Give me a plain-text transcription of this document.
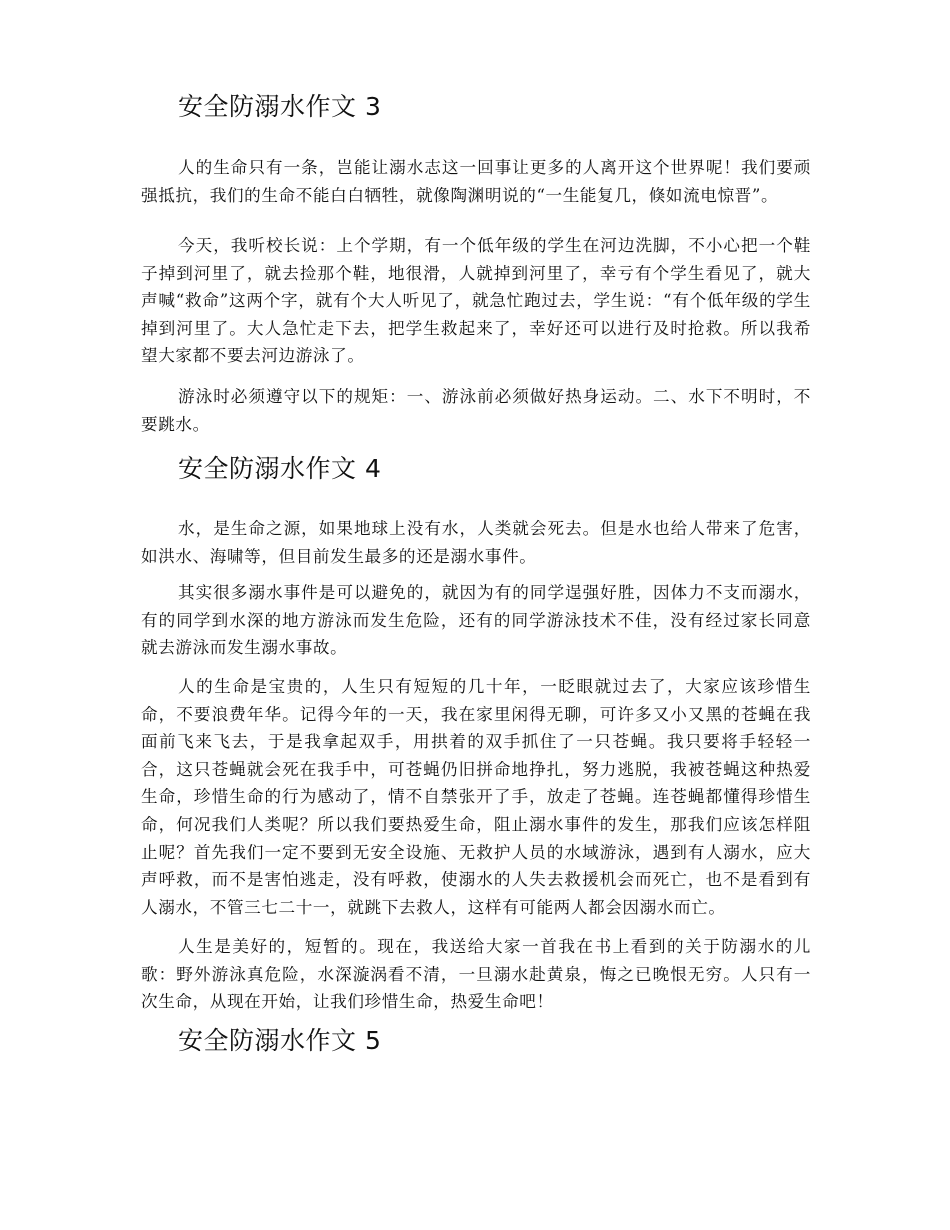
安全防溺水作文 3

人的生命只有一条，岂能让溺水志这一回事让更多的人离开这个世界呢！我们要顽强抵抗，我们的生命不能白白牺牲，就像陶渊明说的“一生能复几，倏如流电惊晋”。

今天，我听校长说：上个学期，有一个低年级的学生在河边洗脚，不小心把一个鞋子掉到河里了，就去捡那个鞋，地很滑，人就掉到河里了，幸亏有个学生看见了，就大声喊“救命”这两个字，就有个大人听见了，就急忙跑过去，学生说：“有个低年级的学生掉到河里了。大人急忙走下去，把学生救起来了，幸好还可以进行及时抢救。所以我希望大家都不要去河边游泳了。

游泳时必须遵守以下的规矩：一、游泳前必须做好热身运动。二、水下不明时，不要跳水。

安全防溺水作文 4

水，是生命之源，如果地球上没有水，人类就会死去。但是水也给人带来了危害，如洪水、海啸等，但目前发生最多的还是溺水事件。

其实很多溺水事件是可以避免的，就因为有的同学逞强好胜，因体力不支而溺水，有的同学到水深的地方游泳而发生危险，还有的同学游泳技术不佳，没有经过家长同意就去游泳而发生溺水事故。

人的生命是宝贵的，人生只有短短的几十年，一眨眼就过去了，大家应该珍惜生命，不要浪费年华。记得今年的一天，我在家里闲得无聊，可许多又小又黑的苍蝇在我面前飞来飞去，于是我拿起双手，用拱着的双手抓住了一只苍蝇。我只要将手轻轻一合，这只苍蝇就会死在我手中，可苍蝇仍旧拼命地挣扎，努力逃脱，我被苍蝇这种热爱生命，珍惜生命的行为感动了，情不自禁张开了手，放走了苍蝇。连苍蝇都懂得珍惜生命，何况我们人类呢？所以我们要热爱生命，阻止溺水事件的发生，那我们应该怎样阻止呢？首先我们一定不要到无安全设施、无救护人员的水域游泳，遇到有人溺水，应大声呼救，而不是害怕逃走，没有呼救，使溺水的人失去救援机会而死亡，也不是看到有人溺水，不管三七二十一，就跳下去救人，这样有可能两人都会因溺水而亡。

人生是美好的，短暂的。现在，我送给大家一首我在书上看到的关于防溺水的儿歌：野外游泳真危险，水深漩涡看不清，一旦溺水赴黄泉，悔之已晚恨无穷。人只有一次生命，从现在开始，让我们珍惜生命，热爱生命吧！

安全防溺水作文 5
